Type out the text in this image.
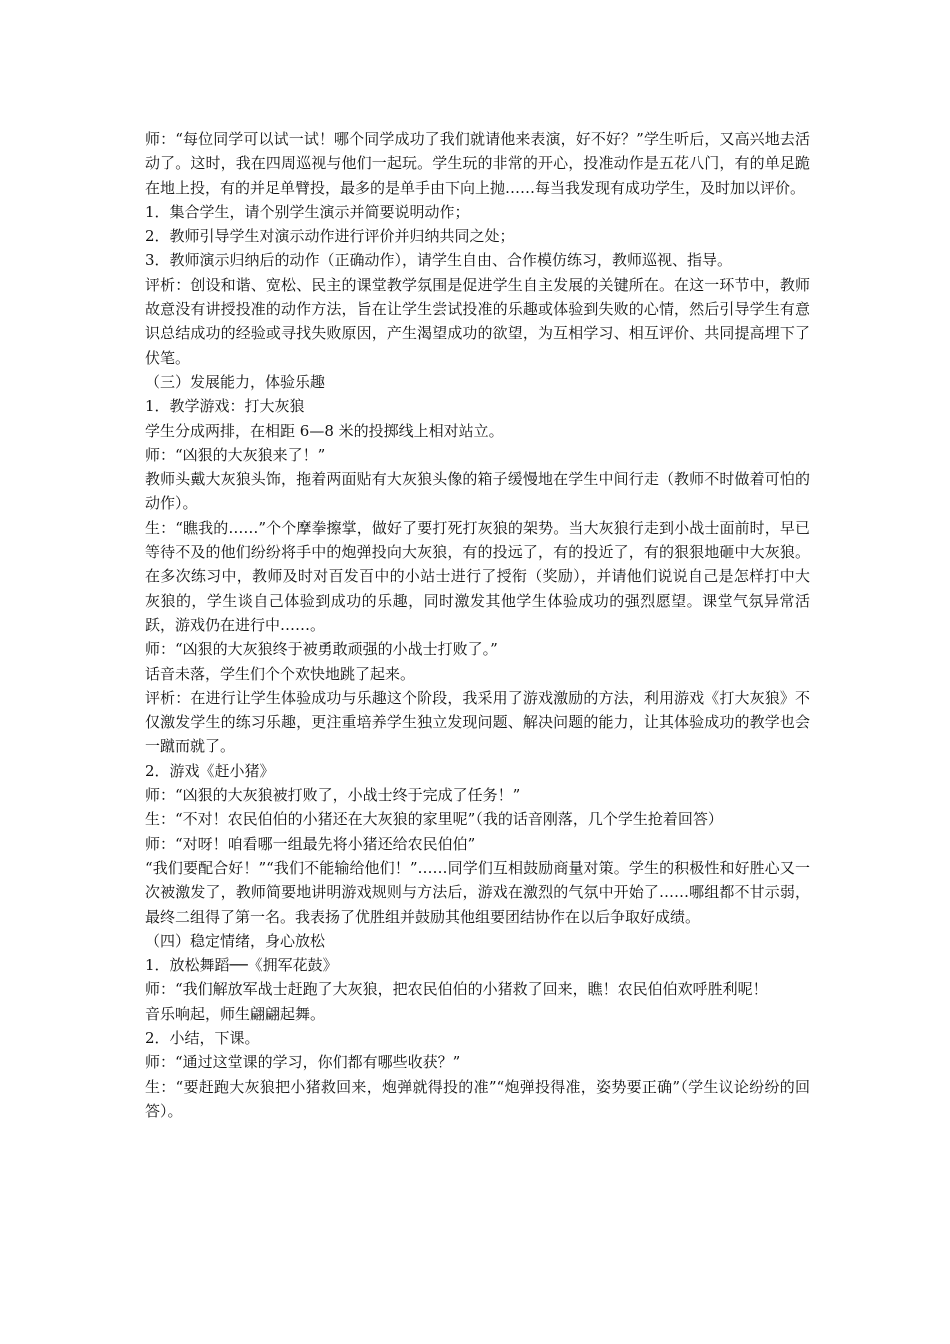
师：“每位同学可以试一试！哪个同学成功了我们就请他来表演，好不好？”学生听后，又高兴地去活动了。这时，我在四周巡视与他们一起玩。学生玩的非常的开心，投准动作是五花八门，有的单足跪在地上投，有的并足单臂投，最多的是单手由下向上抛……每当我发现有成功学生，及时加以评价。

1．集合学生，请个别学生演示并简要说明动作；

2．教师引导学生对演示动作进行评价并归纳共同之处；

3．教师演示归纳后的动作（正确动作），请学生自由、合作模仿练习，教师巡视、指导。

评析：创设和谐、宽松、民主的课堂教学氛围是促进学生自主发展的关键所在。在这一环节中，教师故意没有讲授投准的动作方法，旨在让学生尝试投准的乐趣或体验到失败的心情，然后引导学生有意识总结成功的经验或寻找失败原因，产生渴望成功的欲望，为互相学习、相互评价、共同提高埋下了伏笔。

（三）发展能力，体验乐趣

1．教学游戏：打大灰狼

学生分成两排，在相距 6—8 米的投掷线上相对站立。

师：“凶狠的大灰狼来了！”

教师头戴大灰狼头饰，拖着两面贴有大灰狼头像的箱子缓慢地在学生中间行走（教师不时做着可怕的动作）。

生：“瞧我的……”个个摩拳擦掌，做好了要打死打灰狼的架势。当大灰狼行走到小战士面前时，早已等待不及的他们纷纷将手中的炮弹投向大灰狼，有的投远了，有的投近了，有的狠狠地砸中大灰狼。在多次练习中，教师及时对百发百中的小站士进行了授衔（奖励），并请他们说说自己是怎样打中大灰狼的，学生谈自己体验到成功的乐趣，同时激发其他学生体验成功的强烈愿望。课堂气氛异常活跃，游戏仍在进行中……。

师：“凶狠的大灰狼终于被勇敢顽强的小战士打败了。”

话音未落，学生们个个欢快地跳了起来。

评析：在进行让学生体验成功与乐趣这个阶段，我采用了游戏激励的方法，利用游戏《打大灰狼》不仅激发学生的练习乐趣，更注重培养学生独立发现问题、解决问题的能力，让其体验成功的教学也会一蹴而就了。

2．游戏《赶小猪》

师：“凶狠的大灰狼被打败了，小战士终于完成了任务！”

生：“不对！农民伯伯的小猪还在大灰狼的家里呢”（我的话音刚落，几个学生抢着回答）

师：“对呀！咱看哪一组最先将小猪还给农民伯伯”

“我们要配合好！”“我们不能输给他们！”……同学们互相鼓励商量对策。学生的积极性和好胜心又一次被激发了，教师简要地讲明游戏规则与方法后，游戏在激烈的气氛中开始了……哪组都不甘示弱，最终二组得了第一名。我表扬了优胜组并鼓励其他组要团结协作在以后争取好成绩。

（四）稳定情绪，身心放松

1．放松舞蹈──《拥军花鼓》

师：“我们解放军战士赶跑了大灰狼，把农民伯伯的小猪救了回来，瞧！农民伯伯欢呼胜利呢！

音乐响起，师生翩翩起舞。

2．小结，下课。

师：“通过这堂课的学习，你们都有哪些收获？”

生：“要赶跑大灰狼把小猪救回来，炮弹就得投的准”“炮弹投得准，姿势要正确”（学生议论纷纷的回答）。
